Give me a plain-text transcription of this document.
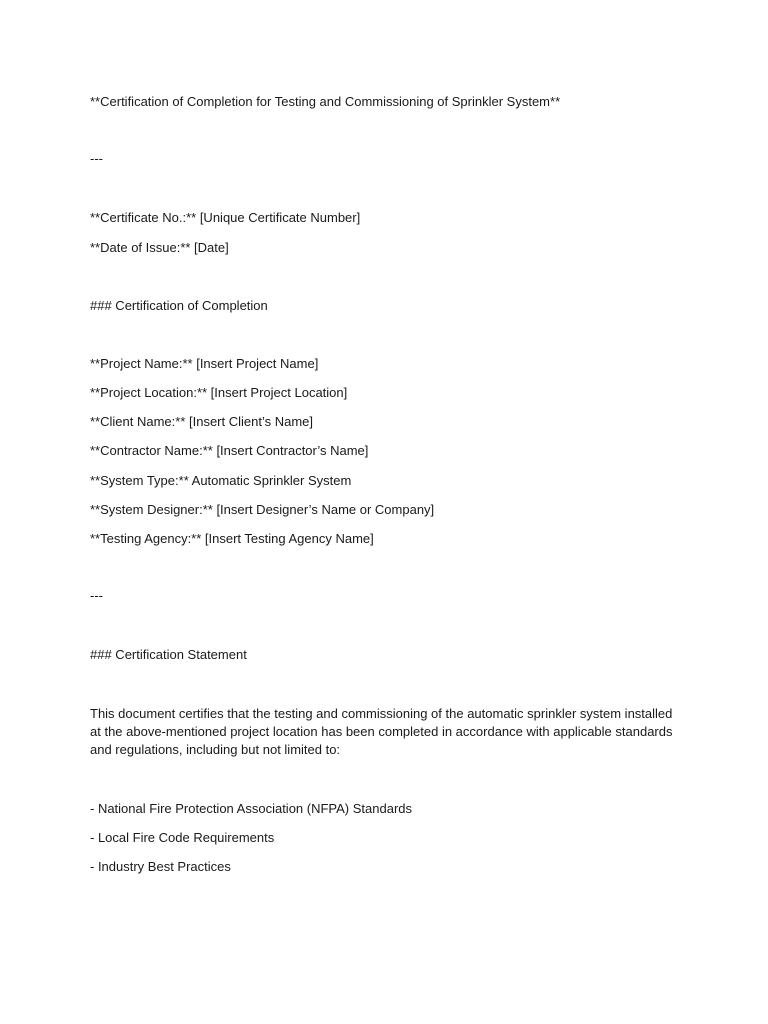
**Certification of Completion for Testing and Commissioning of Sprinkler System**
---
**Certificate No.:** [Unique Certificate Number]
**Date of Issue:** [Date]
### Certification of Completion
**Project Name:** [Insert Project Name]
**Project Location:** [Insert Project Location]
**Client Name:** [Insert Client’s Name]
**Contractor Name:** [Insert Contractor’s Name]
**System Type:** Automatic Sprinkler System
**System Designer:** [Insert Designer’s Name or Company]
**Testing Agency:** [Insert Testing Agency Name]
---
### Certification Statement
This document certifies that the testing and commissioning of the automatic sprinkler system installed at the above-mentioned project location has been completed in accordance with applicable standards and regulations, including but not limited to:
- National Fire Protection Association (NFPA) Standards
- Local Fire Code Requirements
- Industry Best Practices
